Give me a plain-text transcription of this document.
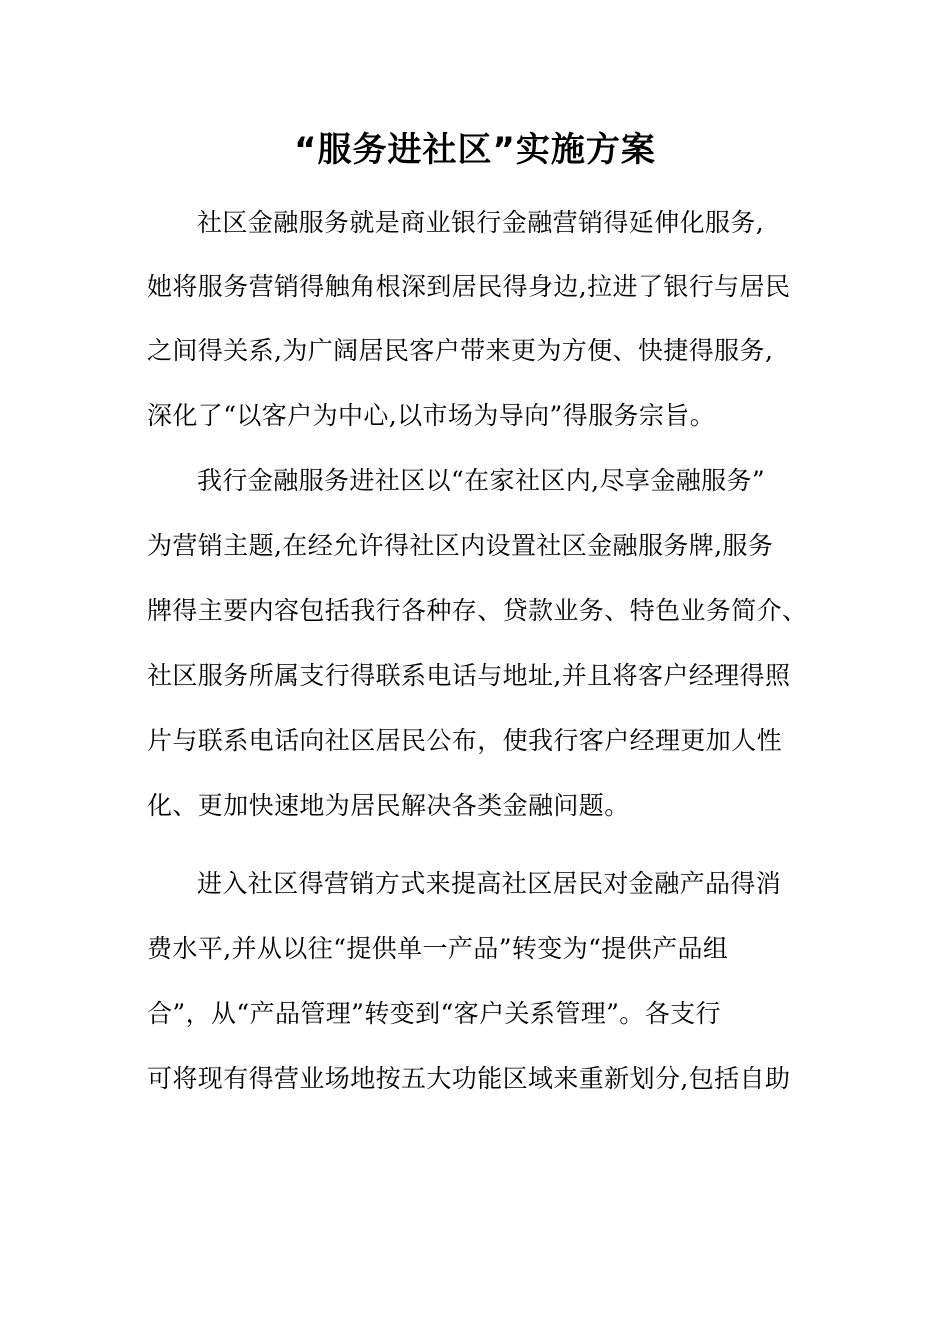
“服务进社区”实施方案
社区金融服务就是商业银行金融营销得延伸化服务,
她将服务营销得触角根深到居民得身边,拉进了银行与居民
之间得关系,为广阔居民客户带来更为方便、快捷得服务,
深化了“以客户为中心,以市场为导向”得服务宗旨。
我行金融服务进社区以“在家社区内,尽享金融服务”
为营销主题,在经允许得社区内设置社区金融服务牌,服务
牌得主要内容包括我行各种存、贷款业务、特色业务简介、
社区服务所属支行得联系电话与地址,并且将客户经理得照
片与联系电话向社区居民公布，使我行客户经理更加人性
化、更加快速地为居民解决各类金融问题。
进入社区得营销方式来提高社区居民对金融产品得消
费水平,并从以往“提供单一产品”转变为“提供产品组
合”，从“产品管理”转变到“客户关系管理”。各支行
可将现有得营业场地按五大功能区域来重新划分,包括自助
